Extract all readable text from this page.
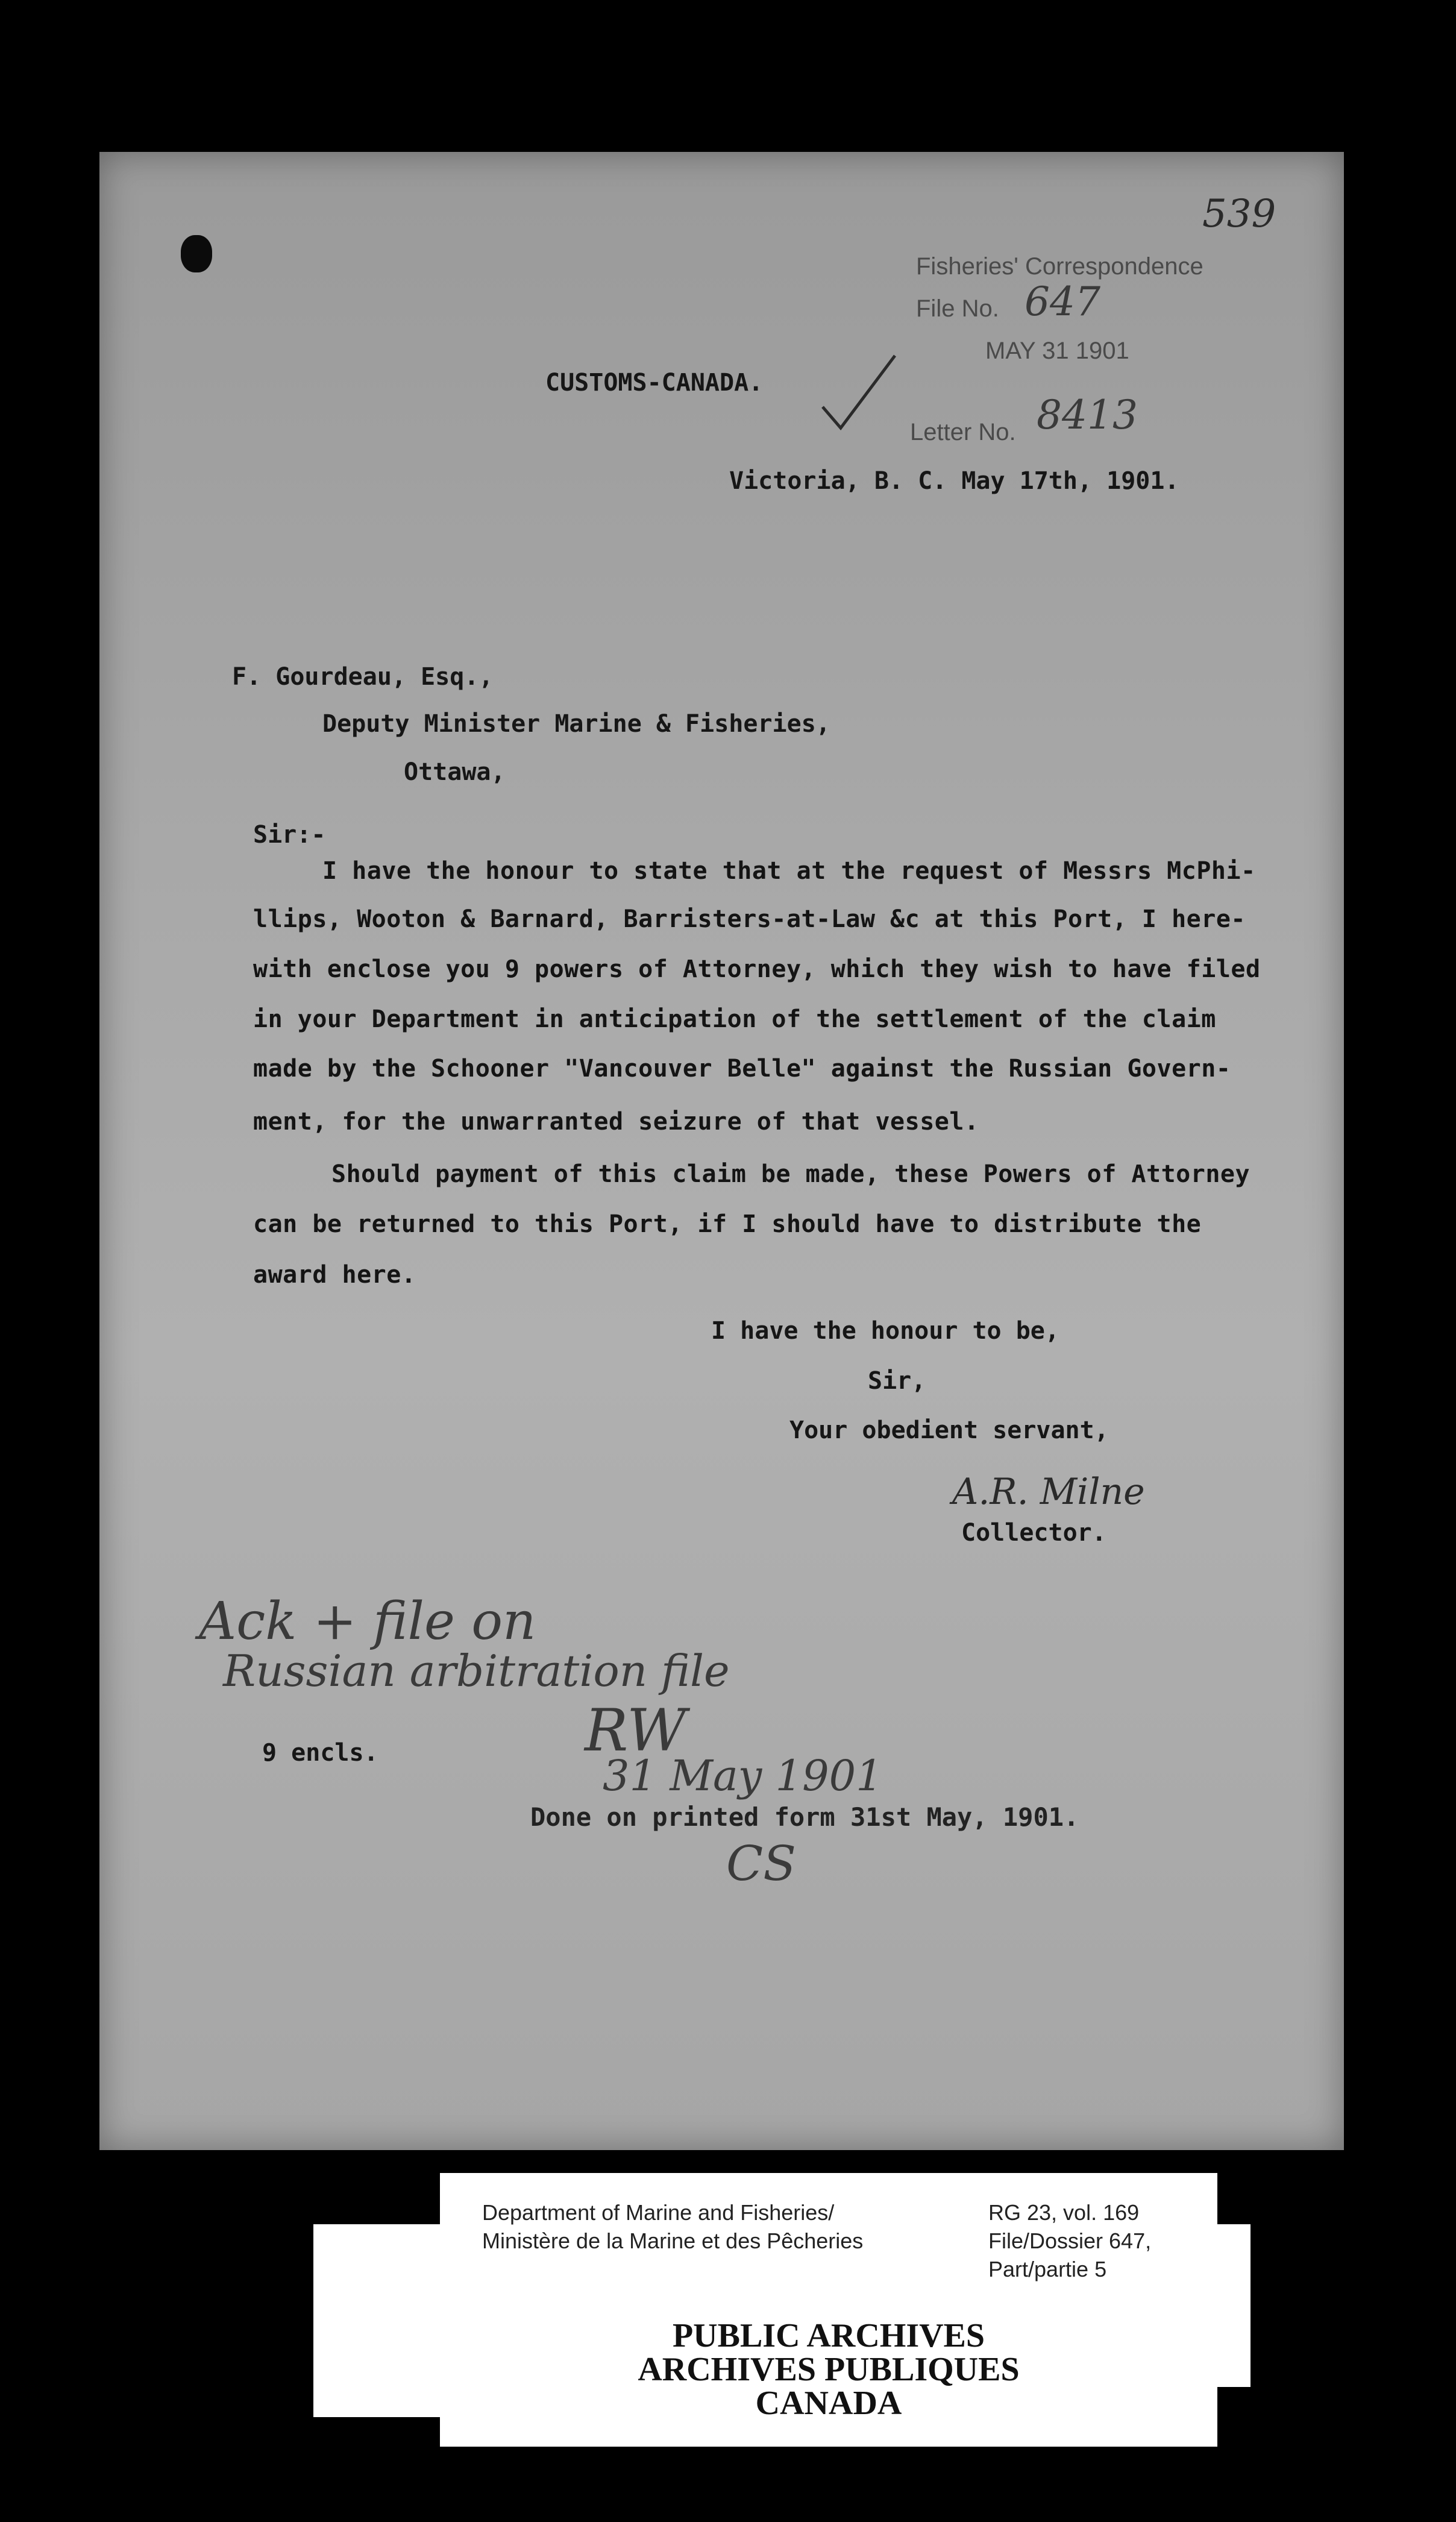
539
Fisheries' Correspondence
File No. 647
MAY 31 1901
Letter No. 8413
CUSTOMS-CANADA.
Victoria, B. C. May 17th, 1901.
F. Gourdeau, Esq.,
Deputy Minister Marine & Fisheries,
Ottawa,
Sir:-
I have the honour to state that at the request of Messrs McPhi-
llips, Wooton & Barnard, Barristers-at-Law &c at this Port, I here-
with enclose you 9 powers of Attorney, which they wish to have filed
in your Department in anticipation of the settlement of the claim
made by the Schooner "Vancouver Belle" against the Russian Govern-
ment, for the unwarranted seizure of that vessel.
Should payment of this claim be made, these Powers of Attorney
can be returned to this Port, if I should have to distribute the
award here.
I have the honour to be,
Sir,
Your obedient servant,
A.R. Milne
Collector.
Ack + file on
Russian arbitration file
9 encls.	RW
31 May 1901
Done on printed form 31st May, 1901.
CS
Department of Marine and Fisheries/
Ministère de la Marine et des Pêcheries
RG 23, vol. 169
File/Dossier 647,
Part/partie 5
PUBLIC ARCHIVES
ARCHIVES PUBLIQUES
CANADA
